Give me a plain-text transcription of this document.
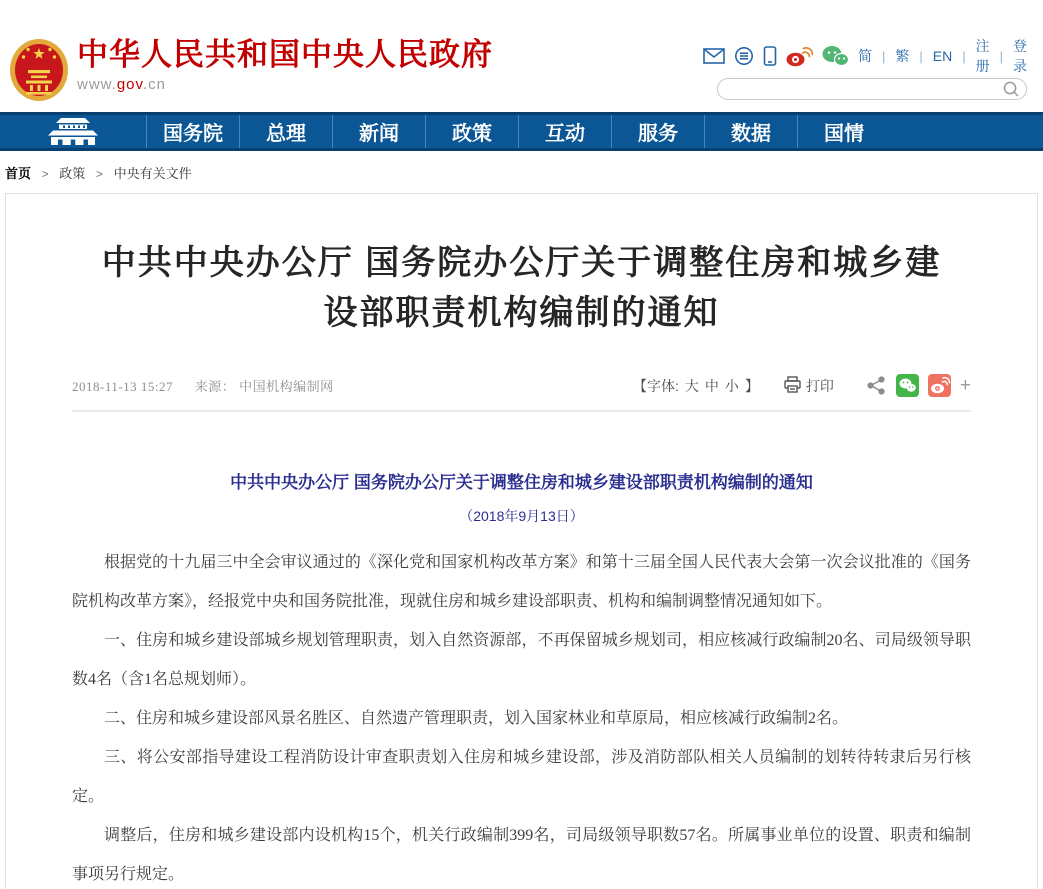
中华人民共和国中央人民政府
www.gov.cn
简 | 繁 | EN |
注册
|
登录
国务院	总理	新闻	政策	互动	服务	数据	国情
首页 > 政策 > 中央有关文件
中共中央办公厅 国务院办公厅关于调整住房和城乡建设部职责机构编制的通知
2018-11-13 15:27 来源： 中国机构编制网	【字体: 大 中 小 】	打印	+
中共中央办公厅 国务院办公厅关于调整住房和城乡建设部职责机构编制的通知
（2018年9月13日）

根据党的十九届三中全会审议通过的《深化党和国家机构改革方案》和第十三届全国人民代表大会第一次会议批准的《国务院机构改革方案》，经报党中央和国务院批准，现就住房和城乡建设部职责、机构和编制调整情况通知如下。

一、住房和城乡建设部城乡规划管理职责，划入自然资源部，不再保留城乡规划司，相应核减行政编制20名、司局级领导职数4名（含1名总规划师）。

二、住房和城乡建设部风景名胜区、自然遗产管理职责，划入国家林业和草原局，相应核减行政编制2名。

三、将公安部指导建设工程消防设计审查职责划入住房和城乡建设部，涉及消防部队相关人员编制的划转待转隶后另行核定。

调整后，住房和城乡建设部内设机构15个，机关行政编制399名，司局级领导职数57名。所属事业单位的设置、职责和编制事项另行规定。
